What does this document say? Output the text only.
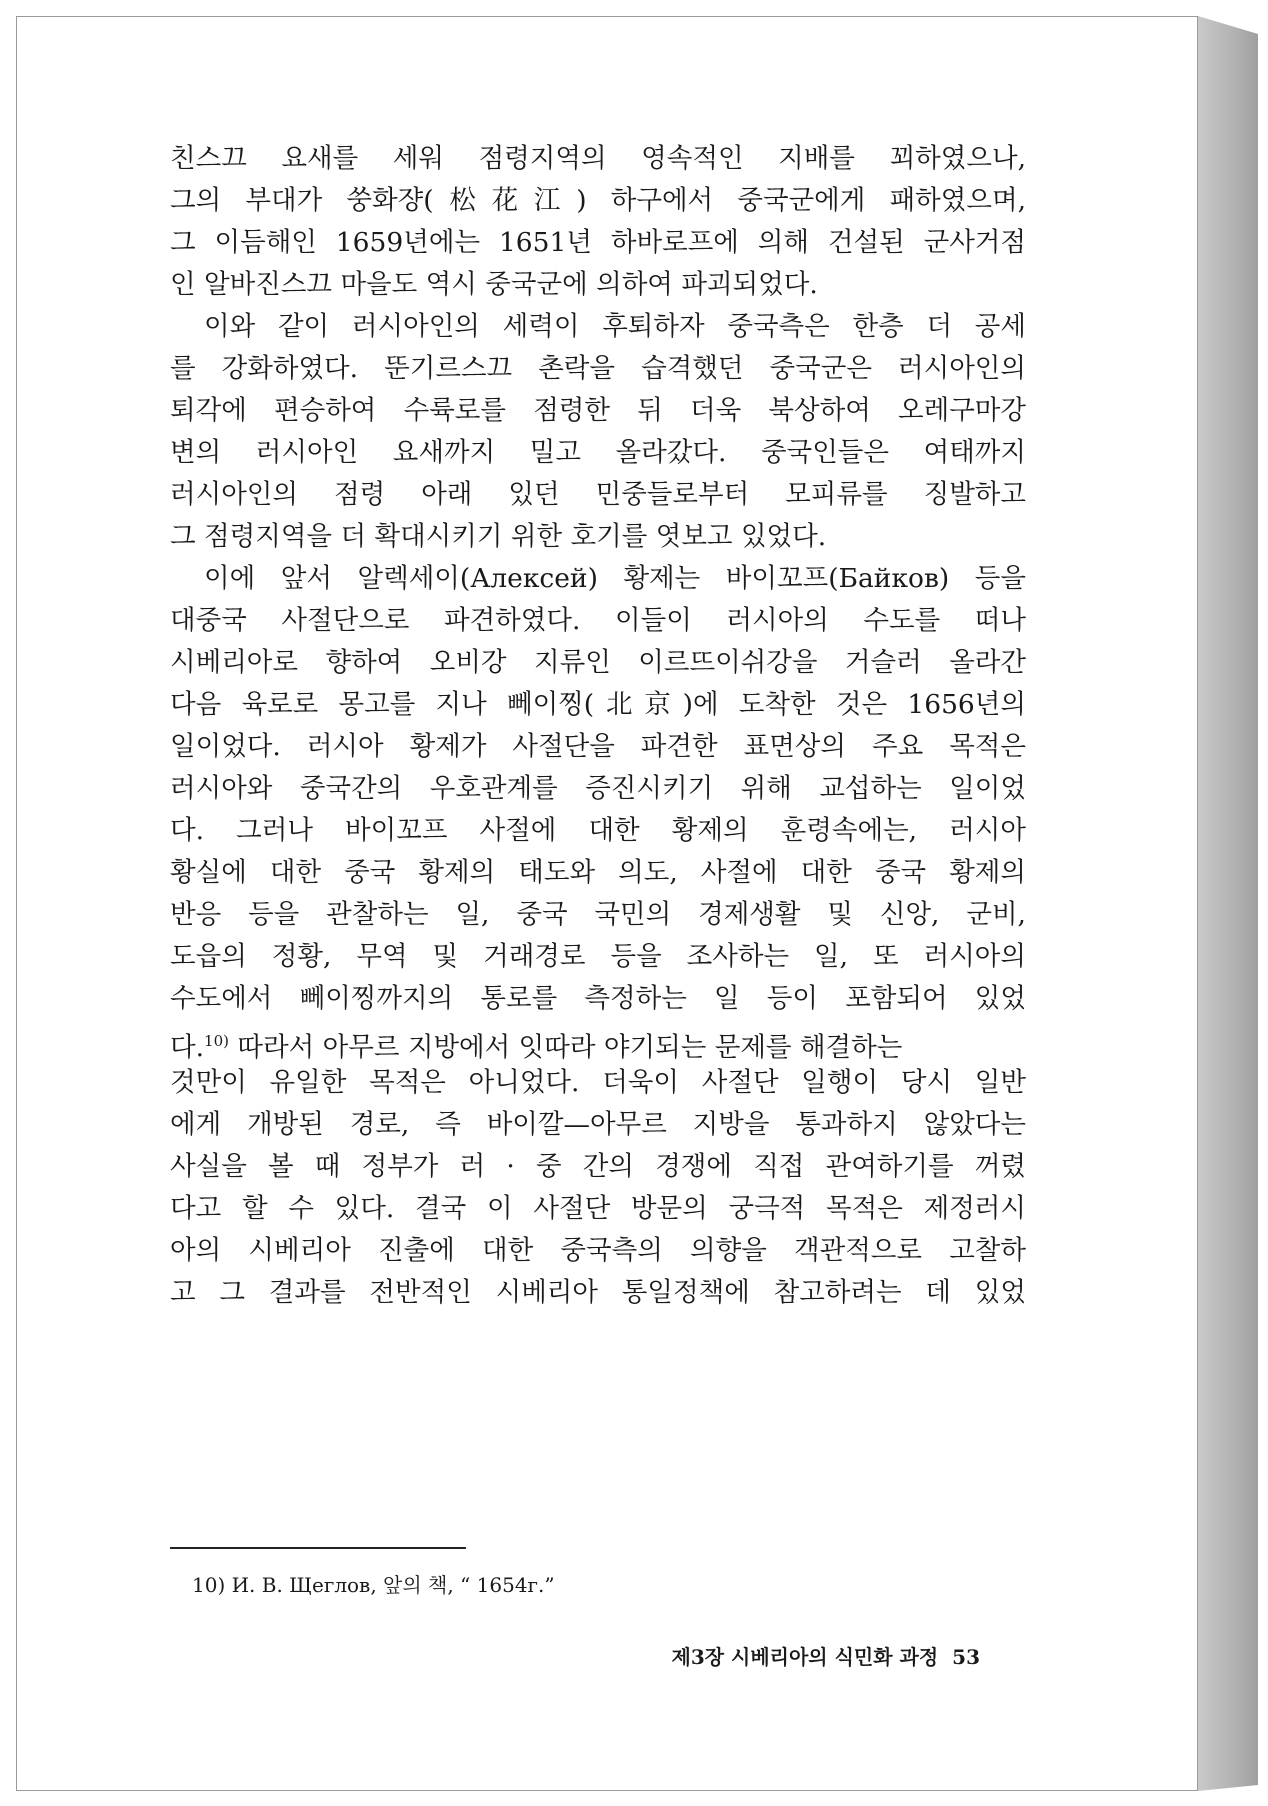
친스끄 요새를 세워 점령지역의 영속적인 지배를 꾀하였으나,
그의 부대가 쑹화쟝(松花江) 하구에서 중국군에게 패하였으며,
그 이듬해인 1659년에는 1651년 하바로프에 의해 건설된 군사거점
인 알바진스끄 마을도 역시 중국군에 의하여 파괴되었다.
이와 같이 러시아인의 세력이 후퇴하자 중국측은 한층 더 공세
를 강화하였다. 뚠기르스끄 촌락을 습격했던 중국군은 러시아인의
퇴각에 편승하여 수륙로를 점령한 뒤 더욱 북상하여 오레구마강
변의 러시아인 요새까지 밀고 올라갔다. 중국인들은 여태까지
러시아인의 점령 아래 있던 민중들로부터 모피류를 징발하고
그 점령지역을 더 확대시키기 위한 호기를 엿보고 있었다.
이에 앞서 알렉세이(Алексей) 황제는 바이꼬프(Байков) 등을
대중국 사절단으로 파견하였다. 이들이 러시아의 수도를 떠나
시베리아로 향하여 오비강 지류인 이르뜨이쉬강을 거슬러 올라간
다음 육로로 몽고를 지나 뻬이찡(北京)에 도착한 것은 1656년의
일이었다. 러시아 황제가 사절단을 파견한 표면상의 주요 목적은
러시아와 중국간의 우호관계를 증진시키기 위해 교섭하는 일이었
다. 그러나 바이꼬프 사절에 대한 황제의 훈령속에는, 러시아
황실에 대한 중국 황제의 태도와 의도, 사절에 대한 중국 황제의
반응 등을 관찰하는 일, 중국 국민의 경제생활 및 신앙, 군비,
도읍의 정황, 무역 및 거래경로 등을 조사하는 일, 또 러시아의
수도에서 뻬이찡까지의 통로를 측정하는 일 등이 포함되어 있었
다.$^{10)}$ 따라서 아무르 지방에서 잇따라 야기되는 문제를 해결하는
것만이 유일한 목적은 아니었다. 더욱이 사절단 일행이 당시 일반
에게 개방된 경로, 즉 바이깔—아무르 지방을 통과하지 않았다는
사실을 볼 때 정부가 러 · 중 간의 경쟁에 직접 관여하기를 꺼렸
다고 할 수 있다. 결국 이 사절단 방문의 궁극적 목적은 제정러시
아의 시베리아 진출에 대한 중국측의 의향을 객관적으로 고찰하
고 그 결과를 전반적인 시베리아 통일정책에 참고하려는 데 있었
10) И. В. Щеглов, 앞의 책, “ 1654г.”
제3장 시베리아의 식민화 과정 53
